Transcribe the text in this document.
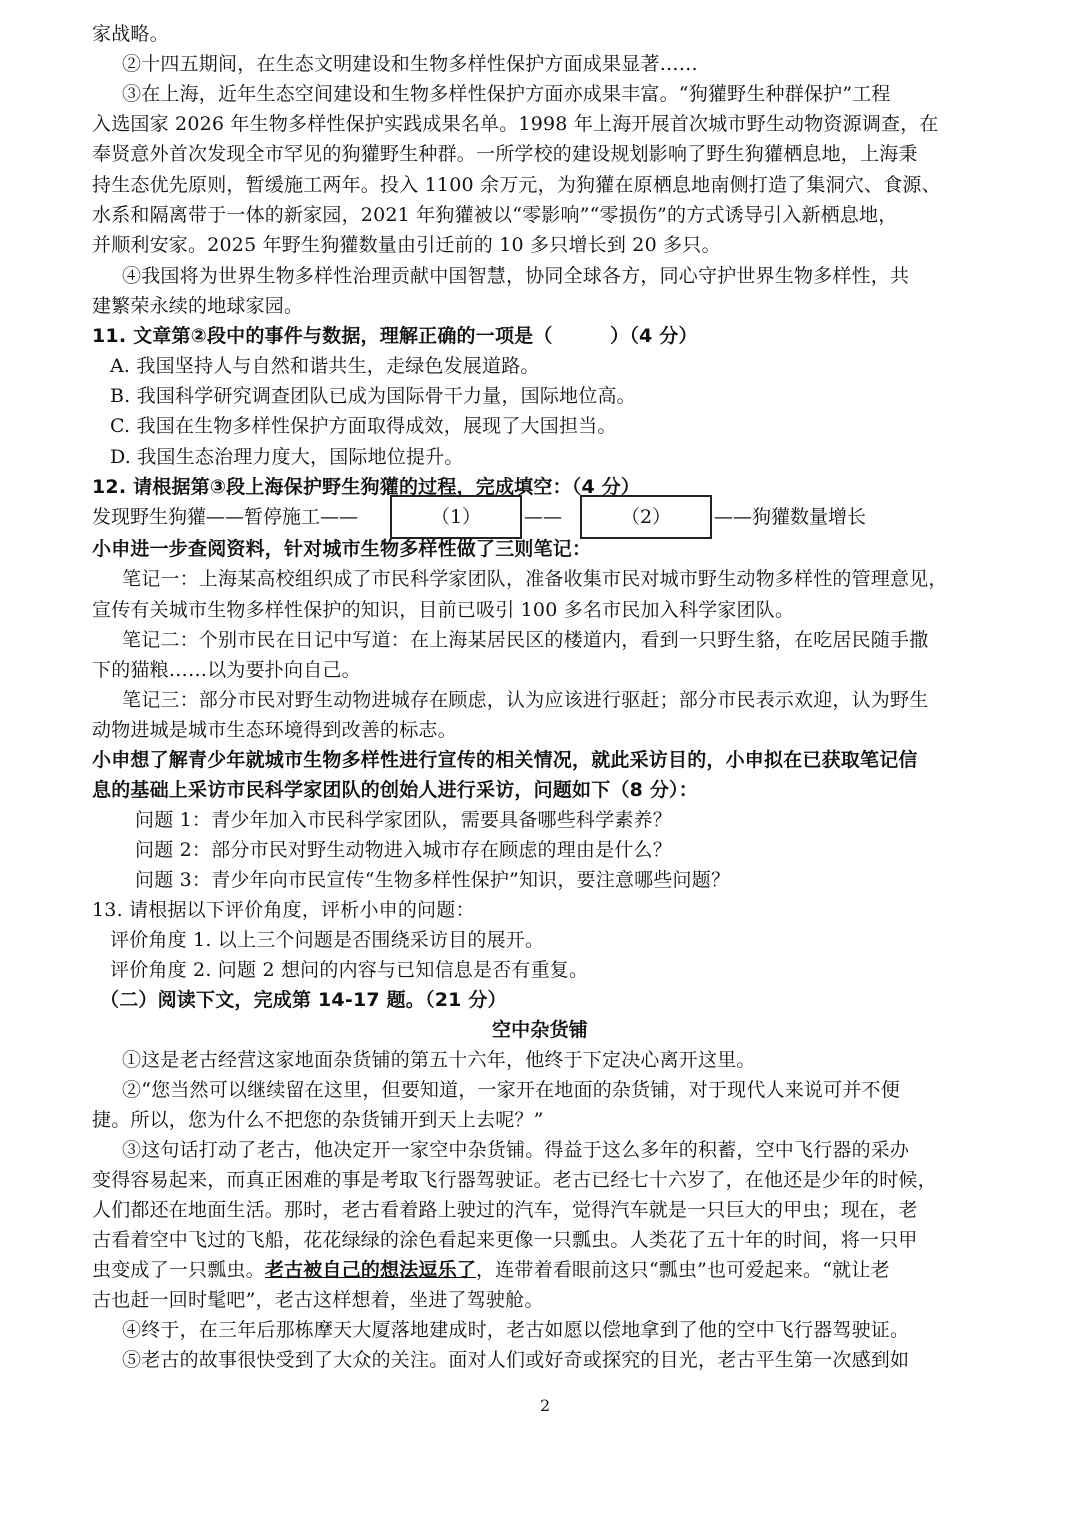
家战略。
②十四五期间，在生态文明建设和生物多样性保护方面成果显著……
③在上海，近年生态空间建设和生物多样性保护方面亦成果丰富。“狗獾野生种群保护”工程
入选国家 2026 年生物多样性保护实践成果名单。1998 年上海开展首次城市野生动物资源调查，在
奉贤意外首次发现全市罕见的狗獾野生种群。一所学校的建设规划影响了野生狗獾栖息地，上海秉
持生态优先原则，暂缓施工两年。投入 1100 余万元，为狗獾在原栖息地南侧打造了集洞穴、食源、
水系和隔离带于一体的新家园，2021 年狗獾被以“零影响”“零损伤”的方式诱导引入新栖息地，
并顺利安家。2025 年野生狗獾数量由引迁前的 10 多只增长到 20 多只。
④我国将为世界生物多样性治理贡献中国智慧，协同全球各方，同心守护世界生物多样性，共
建繁荣永续的地球家园。
11. 文章第②段中的事件与数据，理解正确的一项是（　　　）（4 分）
A. 我国坚持人与自然和谐共生，走绿色发展道路。
B. 我国科学研究调查团队已成为国际骨干力量，国际地位高。
C. 我国在生物多样性保护方面取得成效，展现了大国担当。
D. 我国生态治理力度大，国际地位提升。
12. 请根据第③段上海保护野生狗獾的过程，完成填空：（4 分）
发现野生狗獾——暂停施工——	（1）	——	（2）	——狗獾数量增长
小申进一步查阅资料，针对城市生物多样性做了三则笔记：
笔记一：上海某高校组织成了市民科学家团队，准备收集市民对城市野生动物多样性的管理意见，
宣传有关城市生物多样性保护的知识，目前已吸引 100 多名市民加入科学家团队。
笔记二：个别市民在日记中写道：在上海某居民区的楼道内，看到一只野生貉，在吃居民随手撒
下的猫粮……以为要扑向自己。
笔记三：部分市民对野生动物进城存在顾虑，认为应该进行驱赶；部分市民表示欢迎，认为野生
动物进城是城市生态环境得到改善的标志。
小申想了解青少年就城市生物多样性进行宣传的相关情况，就此采访目的，小申拟在已获取笔记信
息的基础上采访市民科学家团队的创始人进行采访，问题如下（8 分）：
问题 1：青少年加入市民科学家团队，需要具备哪些科学素养？
问题 2：部分市民对野生动物进入城市存在顾虑的理由是什么？
问题 3：青少年向市民宣传“生物多样性保护”知识，要注意哪些问题？
13. 请根据以下评价角度，评析小申的问题：
评价角度 1. 以上三个问题是否围绕采访目的展开。
评价角度 2. 问题 2 想问的内容与已知信息是否有重复。
（二）阅读下文，完成第 14-17 题。（21 分）
空中杂货铺
①这是老古经营这家地面杂货铺的第五十六年，他终于下定决心离开这里。
②“您当然可以继续留在这里，但要知道，一家开在地面的杂货铺，对于现代人来说可并不便
捷。所以，您为什么不把您的杂货铺开到天上去呢？”
③这句话打动了老古，他决定开一家空中杂货铺。得益于这么多年的积蓄，空中飞行器的采办
变得容易起来，而真正困难的事是考取飞行器驾驶证。老古已经七十六岁了，在他还是少年的时候，
人们都还在地面生活。那时，老古看着路上驶过的汽车，觉得汽车就是一只巨大的甲虫；现在，老
古看着空中飞过的飞船，花花绿绿的涂色看起来更像一只瓢虫。人类花了五十年的时间，将一只甲
虫变成了一只瓢虫。老古被自己的想法逗乐了，连带着看眼前这只“瓢虫”也可爱起来。“就让老
古也赶一回时髦吧”，老古这样想着，坐进了驾驶舱。
④终于，在三年后那栋摩天大厦落地建成时，老古如愿以偿地拿到了他的空中飞行器驾驶证。
⑤老古的故事很快受到了大众的关注。面对人们或好奇或探究的目光，老古平生第一次感到如
2
